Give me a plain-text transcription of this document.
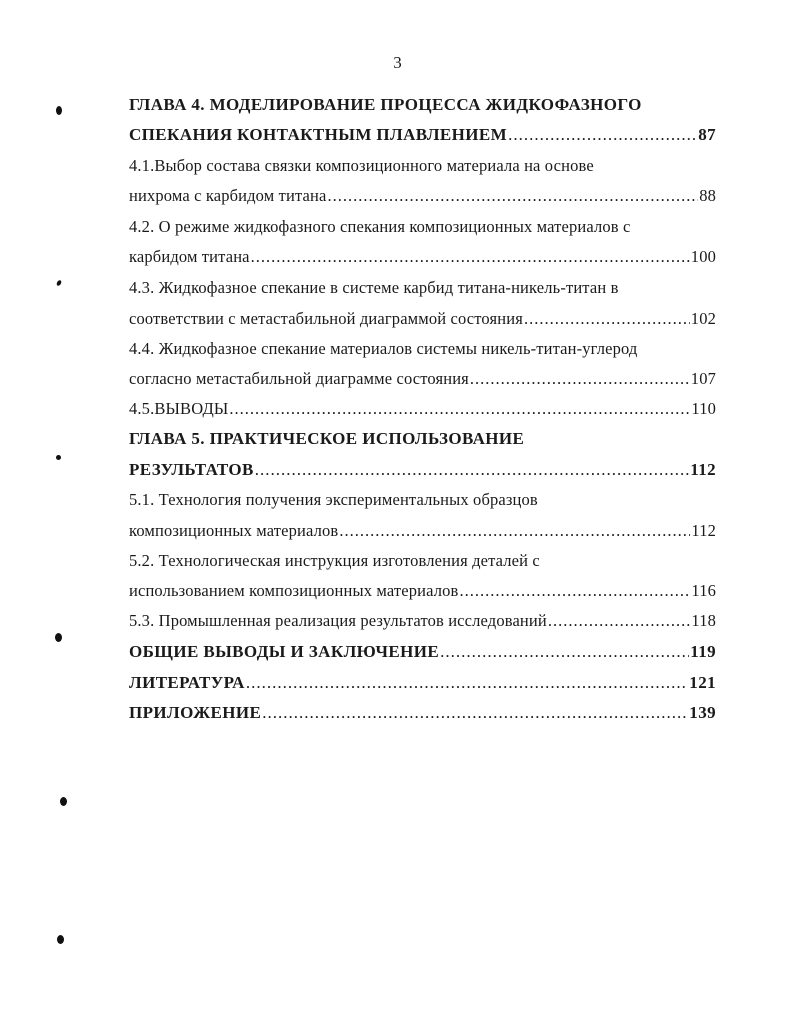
3
ГЛАВА 4. МОДЕЛИРОВАНИЕ ПРОЦЕССА ЖИДКОФАЗНОГО
СПЕКАНИЯ КОНТАКТНЫМ ПЛАВЛЕНИЕМ .....	87
4.1.Выбор состава связки композиционного материала на основе
нихрома с карбидом титана .....	88
4.2. О режиме жидкофазного спекания композиционных материалов с
карбидом титана .....	100
4.3. Жидкофазное спекание в системе карбид титана-никель-титан в
соответствии с метастабильной диаграммой состояния .....	102
4.4. Жидкофазное спекание материалов системы никель-титан-углерод
согласно метастабильной диаграмме состояния .....	107
4.5.ВЫВОДЫ .....	110
ГЛАВА 5. ПРАКТИЧЕСКОЕ ИСПОЛЬЗОВАНИЕ
РЕЗУЛЬТАТОВ .....	112
5.1. Технология получения экспериментальных образцов
композиционных материалов .....	112
5.2. Технологическая инструкция изготовления деталей с
использованием композиционных материалов .....	116
5.3. Промышленная реализация результатов исследований .....	118
ОБЩИЕ ВЫВОДЫ И ЗАКЛЮЧЕНИЕ .....	119
ЛИТЕРАТУРА .....	121
ПРИЛОЖЕНИЕ .....	139
